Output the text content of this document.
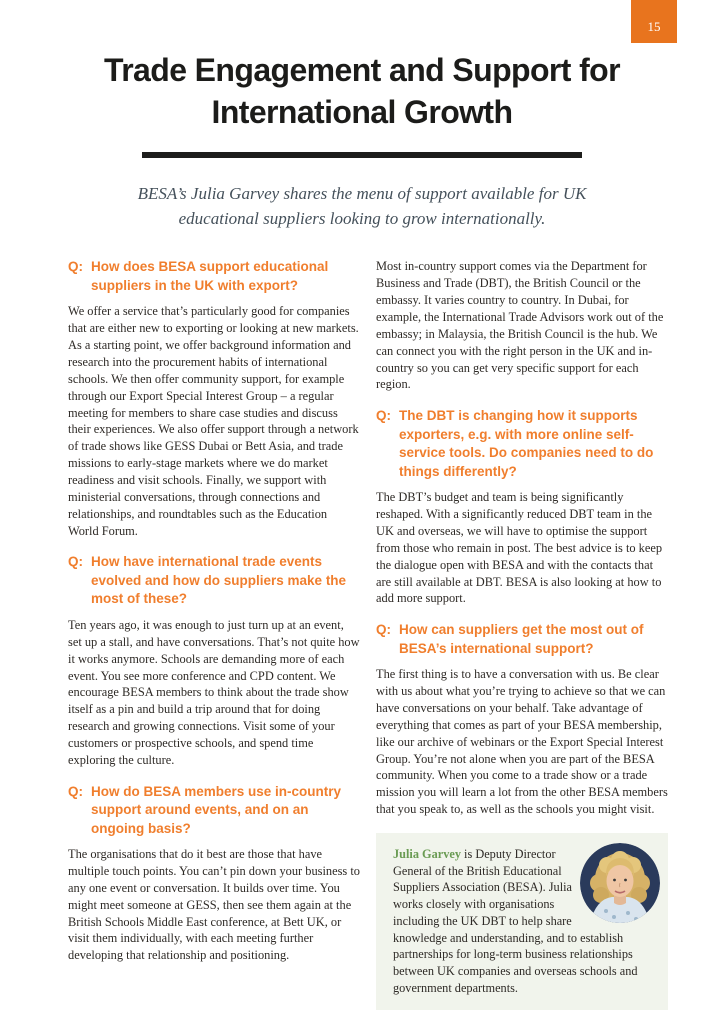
15
Trade Engagement and Support for International Growth

BESA’s Julia Garvey shares the menu of support available for UK educational suppliers looking to grow internationally.

Q: How does BESA support educational suppliers in the UK with export?

We offer a service that’s particularly good for companies that are either new to exporting or looking at new markets. As a starting point, we offer background information and research into the procurement habits of international schools. We then offer community support, for example through our Export Special Interest Group – a regular meeting for members to share case studies and discuss their experiences. We also offer support through a network of trade shows like GESS Dubai or Bett Asia, and trade missions to early-stage markets where we do market readiness and visit schools. Finally, we support with ministerial conversations, through connections and relationships, and roundtables such as the Education World Forum.

Q: How have international trade events evolved and how do suppliers make the most of these?

Ten years ago, it was enough to just turn up at an event, set up a stall, and have conversations. That’s not quite how it works anymore. Schools are demanding more of each event. You see more conference and CPD content. We encourage BESA members to think about the trade show itself as a pin and build a trip around that for doing research and growing connections. Visit some of your customers or prospective schools, and spend time exploring the culture.

Q: How do BESA members use in-country support around events, and on an ongoing basis?

The organisations that do it best are those that have multiple touch points. You can’t pin down your business to any one event or conversation. It builds over time. You might meet someone at GESS, then see them again at the British Schools Middle East conference, at Bett UK, or visit them individually, with each meeting further developing that relationship and positioning.

Most in-country support comes via the Department for Business and Trade (DBT), the British Council or the embassy. It varies country to country. In Dubai, for example, the International Trade Advisors work out of the embassy; in Malaysia, the British Council is the hub. We can connect you with the right person in the UK and in-country so you can get very specific support for each region.

Q: The DBT is changing how it supports exporters, e.g. with more online self-service tools. Do companies need to do things differently?

The DBT’s budget and team is being significantly reshaped. With a significantly reduced DBT team in the UK and overseas, we will have to optimise the support from those who remain in post. The best advice is to keep the dialogue open with BESA and with the contacts that are still available at DBT. BESA is also looking at how to add more support.

Q: How can suppliers get the most out of BESA’s international support?

The first thing is to have a conversation with us. Be clear with us about what you’re trying to achieve so that we can have conversations on your behalf. Take advantage of everything that comes as part of your BESA membership, like our archive of webinars or the Export Special Interest Group. You’re not alone when you are part of the BESA community. When you come to a trade show or a trade mission you will learn a lot from the other BESA members that you speak to, as well as the schools you might visit.

Julia Garvey is Deputy Director General of the British Educational Suppliers Association (BESA). Julia works closely with organisations including the UK DBT to help share knowledge and understanding, and to establish partnerships for long-term business relationships between UK companies and overseas schools and government departments.
